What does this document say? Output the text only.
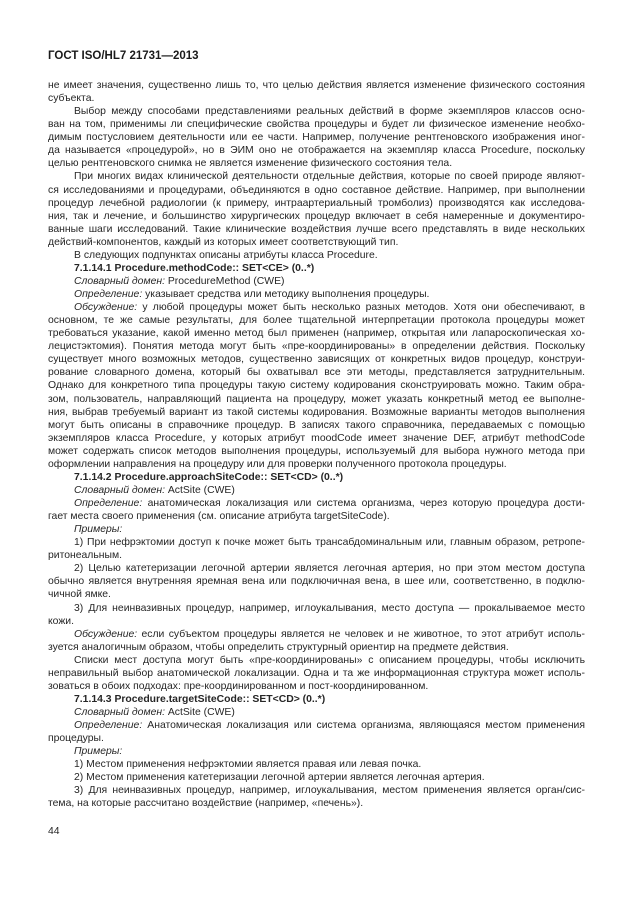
ГОСТ ISO/HL7 21731—2013
не имеет значения, существенно лишь то, что целью действия является изменение физического состояния
субъекта.
Выбор между способами представлениями реальных действий в форме экземпляров классов осно-
ван на том, применимы ли специфические свойства процедуры и будет ли физическое изменение необхо-
димым постусловием деятельности или ее части. Например, получение рентгеновского изображения иног-
да называется «процедурой», но в ЭИМ оно не отображается на экземпляр класса Procedure, поскольку
целью рентгеновского снимка не является изменение физического состояния тела.
При многих видах клинической деятельности отдельные действия, которые по своей природе являют-
ся исследованиями и процедурами, объединяются в одно составное действие. Например, при выполнении
процедур лечебной радиологии (к примеру, интраартериальный тромболиз) производятся как исследова-
ния, так и лечение, и большинство хирургических процедур включает в себя намеренные и документиро-
ванные шаги исследований. Такие клинические воздействия лучше всего представлять в виде нескольких
действий-компонентов, каждый из которых имеет соответствующий тип.
В следующих подпунктах описаны атрибуты класса Procedure.
7.1.14.1 Procedure.methodCode:: SET<CE> (0..*)
Словарный домен: ProcedureMethod (CWE)
Определение: указывает средства или методику выполнения процедуры.
Обсуждение: у любой процедуры может быть несколько разных методов. Хотя они обеспечивают, в
основном, те же самые результаты, для более тщательной интерпретации протокола процедуры может
требоваться указание, какой именно метод был применен (например, открытая или лапароскопическая хо-
лецистэктомия). Понятия метода могут быть «пре-координированы» в определении действия. Поскольку
существует много возможных методов, существенно зависящих от конкретных видов процедур, конструи-
рование словарного домена, который бы охватывал все эти методы, представляется затруднительным.
Однако для конкретного типа процедуры такую систему кодирования сконструировать можно. Таким обра-
зом, пользователь, направляющий пациента на процедуру, может указать конкретный метод ее выполне-
ния, выбрав требуемый вариант из такой системы кодирования. Возможные варианты методов выполнения
могут быть описаны в справочнике процедур. В записях такого справочника, передаваемых с помощью
экземпляров класса Procedure, у которых атрибут moodCode имеет значение DEF, атрибут methodCode
может содержать список методов выполнения процедуры, используемый для выбора нужного метода при
оформлении направления на процедуру или для проверки полученного протокола процедуры.
7.1.14.2 Procedure.approachSiteCode:: SET<CD> (0..*)
Словарный домен: ActSite (CWE)
Определение: анатомическая локализация или система организма, через которую процедура дости-
гает места своего применения (см. описание атрибута targetSiteCode).
Примеры:
1) При нефрэктомии доступ к почке может быть трансабдоминальным или, главным образом, ретропе-
ритонеальным.
2) Целью катетеризации легочной артерии является легочная артерия, но при этом местом доступа
обычно является внутренняя яремная вена или подключичная вена, в шее или, соответственно, в подклю-
чичной ямке.
3) Для неинвазивных процедур, например, иглоукалывания, место доступа — прокалываемое место
кожи.
Обсуждение: если субъектом процедуры является не человек и не животное, то этот атрибут исполь-
зуется аналогичным образом, чтобы определить структурный ориентир на предмете действия.
Списки мест доступа могут быть «пре-координированы» с описанием процедуры, чтобы исключить
неправильный выбор анатомической локализации. Одна и та же информационная структура может исполь-
зоваться в обоих подходах: пре-координированном и пост-координированном.
7.1.14.3 Procedure.targetSiteCode:: SET<CD> (0..*)
Словарный домен: ActSite (CWE)
Определение: Анатомическая локализация или система организма, являющаяся местом применения
процедуры.
Примеры:
1) Местом применения нефрэктомии является правая или левая почка.
2) Местом применения катетеризации легочной артерии является легочная артерия.
3) Для неинвазивных процедур, например, иглоукалывания, местом применения является орган/сис-
тема, на которые рассчитано воздействие (например, «печень»).
44
